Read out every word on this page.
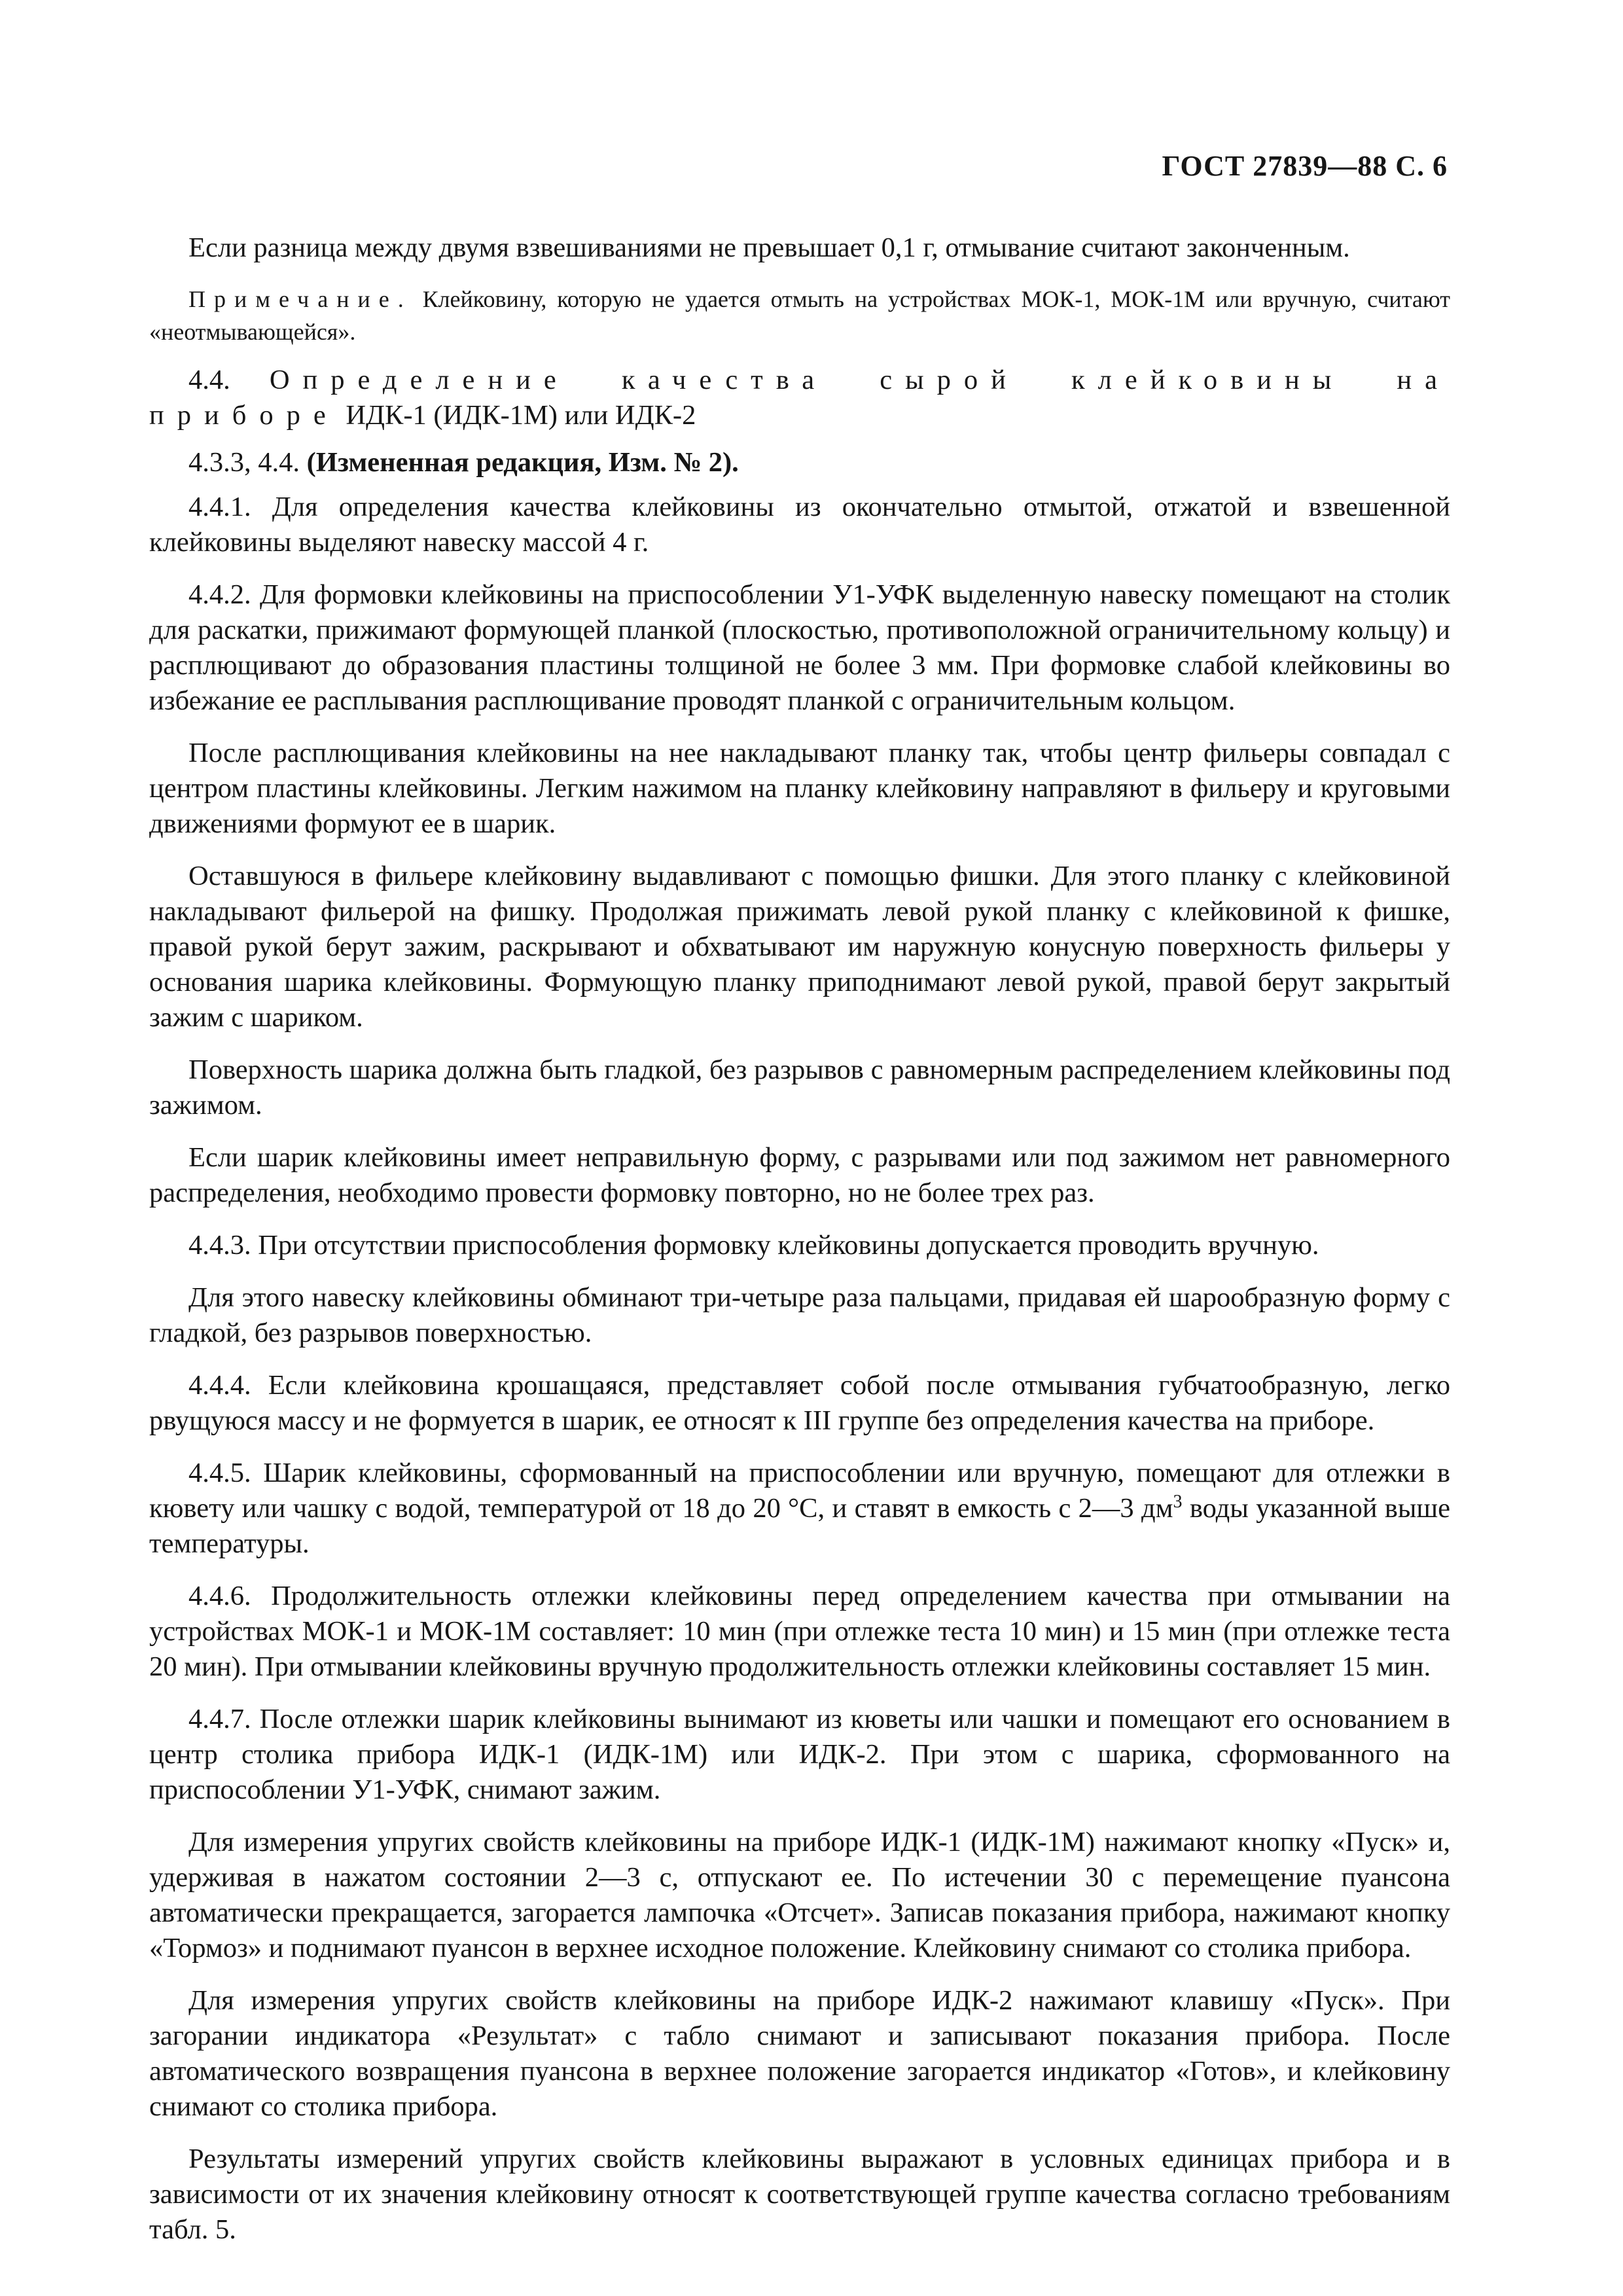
ГОСТ 27839—88 С. 6

Если разница между двумя взвешиваниями не превышает 0,1 г, отмывание считают законченным.

Примечание. Клейковину, которую не удается отмыть на устройствах МОК-1, МОК-1М или вручную, считают «неотмывающейся».

4.4. Определение качества сырой клейковины на приборе ИДК-1 (ИДК-1М) или ИДК-2

4.3.3, 4.4. (Измененная редакция, Изм. № 2).

4.4.1. Для определения качества клейковины из окончательно отмытой, отжатой и взвешенной клейковины выделяют навеску массой 4 г.

4.4.2. Для формовки клейковины на приспособлении У1-УФК выделенную навеску помещают на столик для раскатки, прижимают формующей планкой (плоскостью, противоположной ограничительному кольцу) и расплющивают до образования пластины толщиной не более 3 мм. При формовке слабой клейковины во избежание ее расплывания расплющивание проводят планкой с ограничительным кольцом.

После расплющивания клейковины на нее накладывают планку так, чтобы центр фильеры совпадал с центром пластины клейковины. Легким нажимом на планку клейковину направляют в фильеру и круговыми движениями формуют ее в шарик.

Оставшуюся в фильере клейковину выдавливают с помощью фишки. Для этого планку с клейковиной накладывают фильерой на фишку. Продолжая прижимать левой рукой планку с клейковиной к фишке, правой рукой берут зажим, раскрывают и обхватывают им наружную конусную поверхность фильеры у основания шарика клейковины. Формующую планку приподнимают левой рукой, правой берут закрытый зажим с шариком.

Поверхность шарика должна быть гладкой, без разрывов с равномерным распределением клейковины под зажимом.

Если шарик клейковины имеет неправильную форму, с разрывами или под зажимом нет равномерного распределения, необходимо провести формовку повторно, но не более трех раз.

4.4.3. При отсутствии приспособления формовку клейковины допускается проводить вручную.

Для этого навеску клейковины обминают три-четыре раза пальцами, придавая ей шарообразную форму с гладкой, без разрывов поверхностью.

4.4.4. Если клейковина крошащаяся, представляет собой после отмывания губчатообразную, легко рвущуюся массу и не формуется в шарик, ее относят к III группе без определения качества на приборе.

4.4.5. Шарик клейковины, сформованный на приспособлении или вручную, помещают для отлежки в кювету или чашку с водой, температурой от 18 до 20 °С, и ставят в емкость с 2—3 $дм^3$ воды указанной выше температуры.

4.4.6. Продолжительность отлежки клейковины перед определением качества при отмывании на устройствах МОК-1 и МОК-1М составляет: 10 мин (при отлежке теста 10 мин) и 15 мин (при отлежке теста 20 мин). При отмывании клейковины вручную продолжительность отлежки клейковины составляет 15 мин.

4.4.7. После отлежки шарик клейковины вынимают из кюветы или чашки и помещают его основанием в центр столика прибора ИДК-1 (ИДК-1М) или ИДК-2. При этом с шарика, сформованного на приспособлении У1-УФК, снимают зажим.

Для измерения упругих свойств клейковины на приборе ИДК-1 (ИДК-1М) нажимают кнопку «Пуск» и, удерживая в нажатом состоянии 2—3 с, отпускают ее. По истечении 30 с перемещение пуансона автоматически прекращается, загорается лампочка «Отсчет». Записав показания прибора, нажимают кнопку «Тормоз» и поднимают пуансон в верхнее исходное положение. Клейковину снимают со столика прибора.

Для измерения упругих свойств клейковины на приборе ИДК-2 нажимают клавишу «Пуск». При загорании индикатора «Результат» с табло снимают и записывают показания прибора. После автоматического возвращения пуансона в верхнее положение загорается индикатор «Готов», и клейковину снимают со столика прибора.

Результаты измерений упругих свойств клейковины выражают в условных единицах прибора и в зависимости от их значения клейковину относят к соответствующей группе качества согласно требованиям табл. 5.
